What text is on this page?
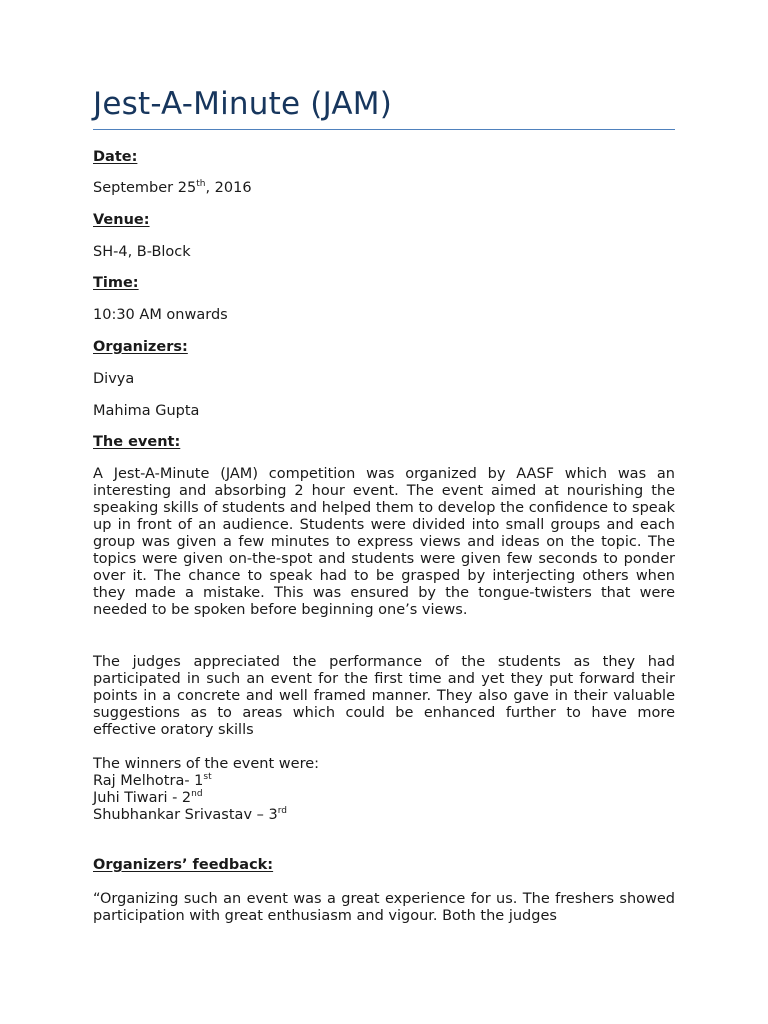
Jest-A-Minute (JAM)
Date:
September 25th, 2016
Venue:
SH-4, B-Block
Time:
10:30 AM onwards
Organizers:
Divya
Mahima Gupta
The event:
A Jest-A-Minute (JAM) competition was organized by AASF which was an interesting and absorbing 2 hour event. The event aimed at nourishing the speaking skills of students and helped them to develop the confidence to speak up in front of an audience. Students were divided into small groups and each group was given a few minutes to express views and ideas on the topic. The topics were given on-the-spot and students were given few seconds to ponder over it. The chance to speak had to be grasped by interjecting others when they made a mistake. This was ensured by the tongue-twisters that were needed to be spoken before beginning one’s views.
The judges appreciated the performance of the students as they had participated in such an event for the first time and yet they put forward their points in a concrete and well framed manner. They also gave in their valuable suggestions as to areas which could be enhanced further to have more effective oratory skills
The winners of the event were:
Raj Melhotra- 1st
Juhi Tiwari - 2nd
Shubhankar Srivastav – 3rd
Organizers’ feedback:
“Organizing such an event was a great experience for us. The freshers showed participation with great enthusiasm and vigour. Both the judges
